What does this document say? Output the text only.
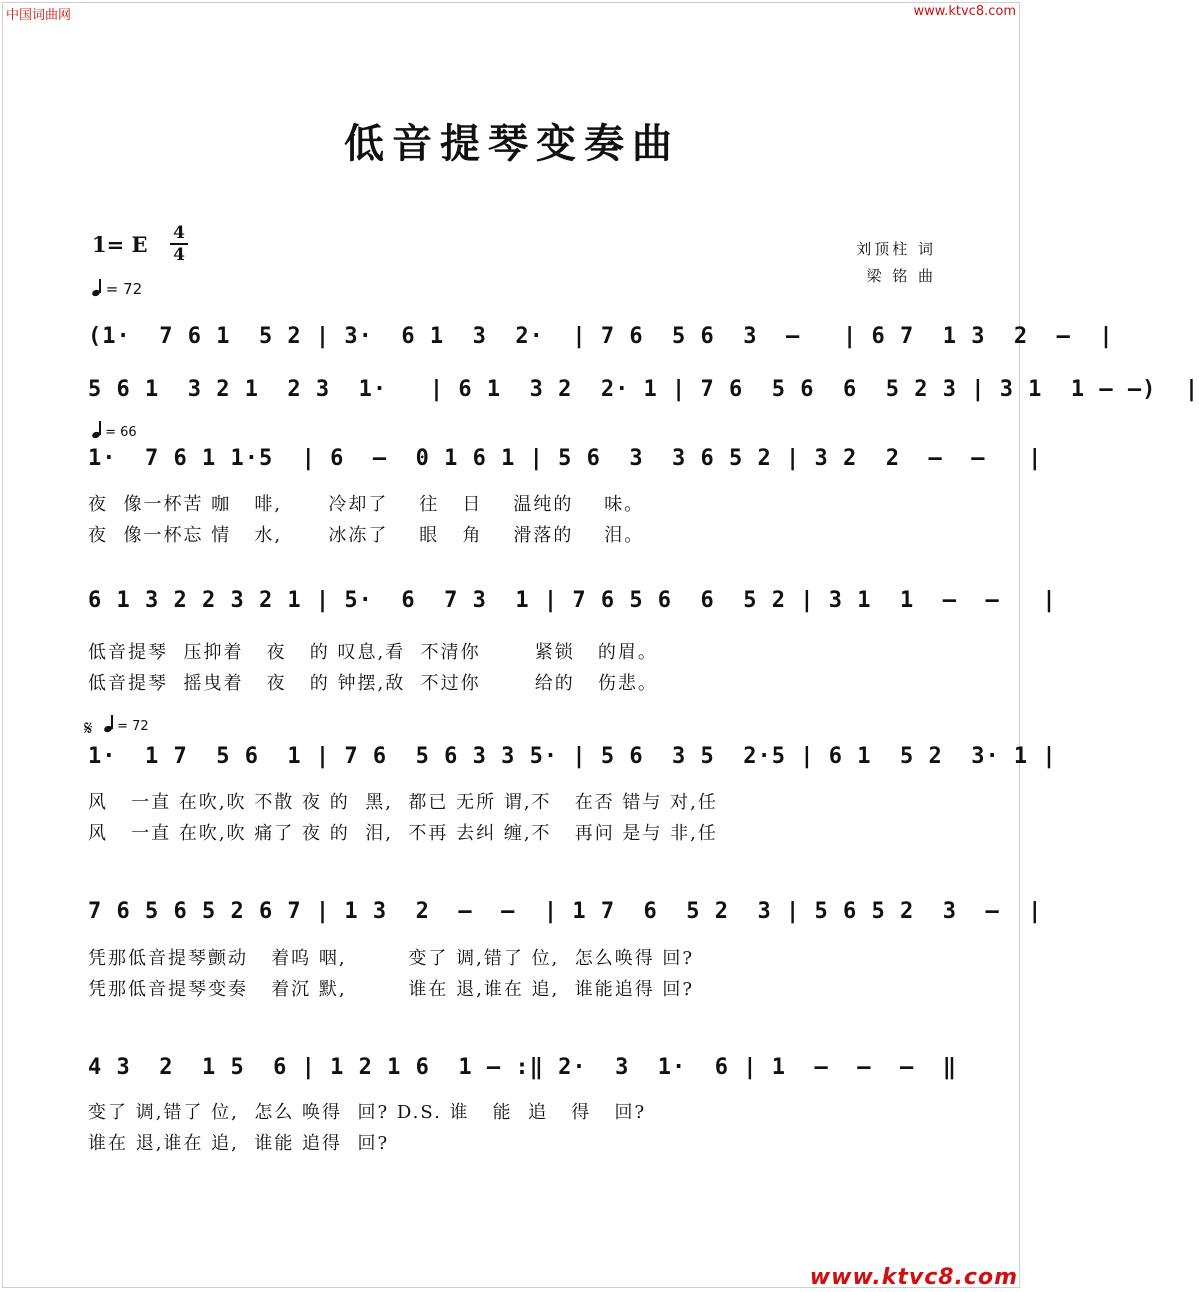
中国词曲网	www.ktvc8.com
www.ktvc8.com
低音提琴变奏曲
1= E 4
4
= 72
刘顶柱 词
梁 铭 曲
(1·  7 6 1  5 2 | 3·  6 1  3  2·  | 7 6  5 6  3  –   | 6 7  1 3  2  –  |
5 6 1  3 2 1  2 3  1·   | 6 1  3 2  2· 1 | 7 6  5 6  6  5 2 3 | 3 1  1 – –)  |
= 66
1·  7 6 1 1·5  | 6  –  0 1 6 1 | 5 6  3  3 6 5 2 | 3 2  2  –  –   |
夜  像一杯苦 咖   啡,      冷却了    往   日    温纯的    味。
夜  像一杯忘 情   水,      冰冻了    眼   角    滑落的    泪。
6 1 3 2 2 3 2 1 | 5·  6  7 3  1 | 7 6 5 6  6  5 2 | 3 1  1  –  –   |
低音提琴  压抑着   夜   的 叹息,看  不清你       紧锁   的眉。
低音提琴  摇曳着   夜   的 钟摆,敌  不过你       给的   伤悲。
𝄋	= 72
1·  1 7  5 6  1 | 7 6  5 6 3 3 5· | 5 6  3 5  2·5 | 6 1  5 2  3· 1 |
风   一直 在吹,吹 不散 夜 的  黑,  都已 无所 谓,不   在否 错与 对,任
风   一直 在吹,吹 痛了 夜 的  泪,  不再 去纠 缠,不   再问 是与 非,任
7 6 5 6 5 2 6 7 | 1 3  2  –  –  | 1 7  6  5 2  3 | 5 6 5 2  3  –  |
凭那低音提琴颤动   着呜 咽,        变了 调,错了 位,  怎么唤得 回?
凭那低音提琴变奏   着沉 默,        谁在 退,谁在 追,  谁能追得 回?
4 3  2  1 5  6 | 1 2 1 6  1 – :‖ 2·  3  1·  6 | 1  –  –  –  ‖
变了 调,错了 位,  怎么 唤得  回? D.S. 谁   能  追   得   回?
谁在 退,谁在 追,  谁能 追得  回?
